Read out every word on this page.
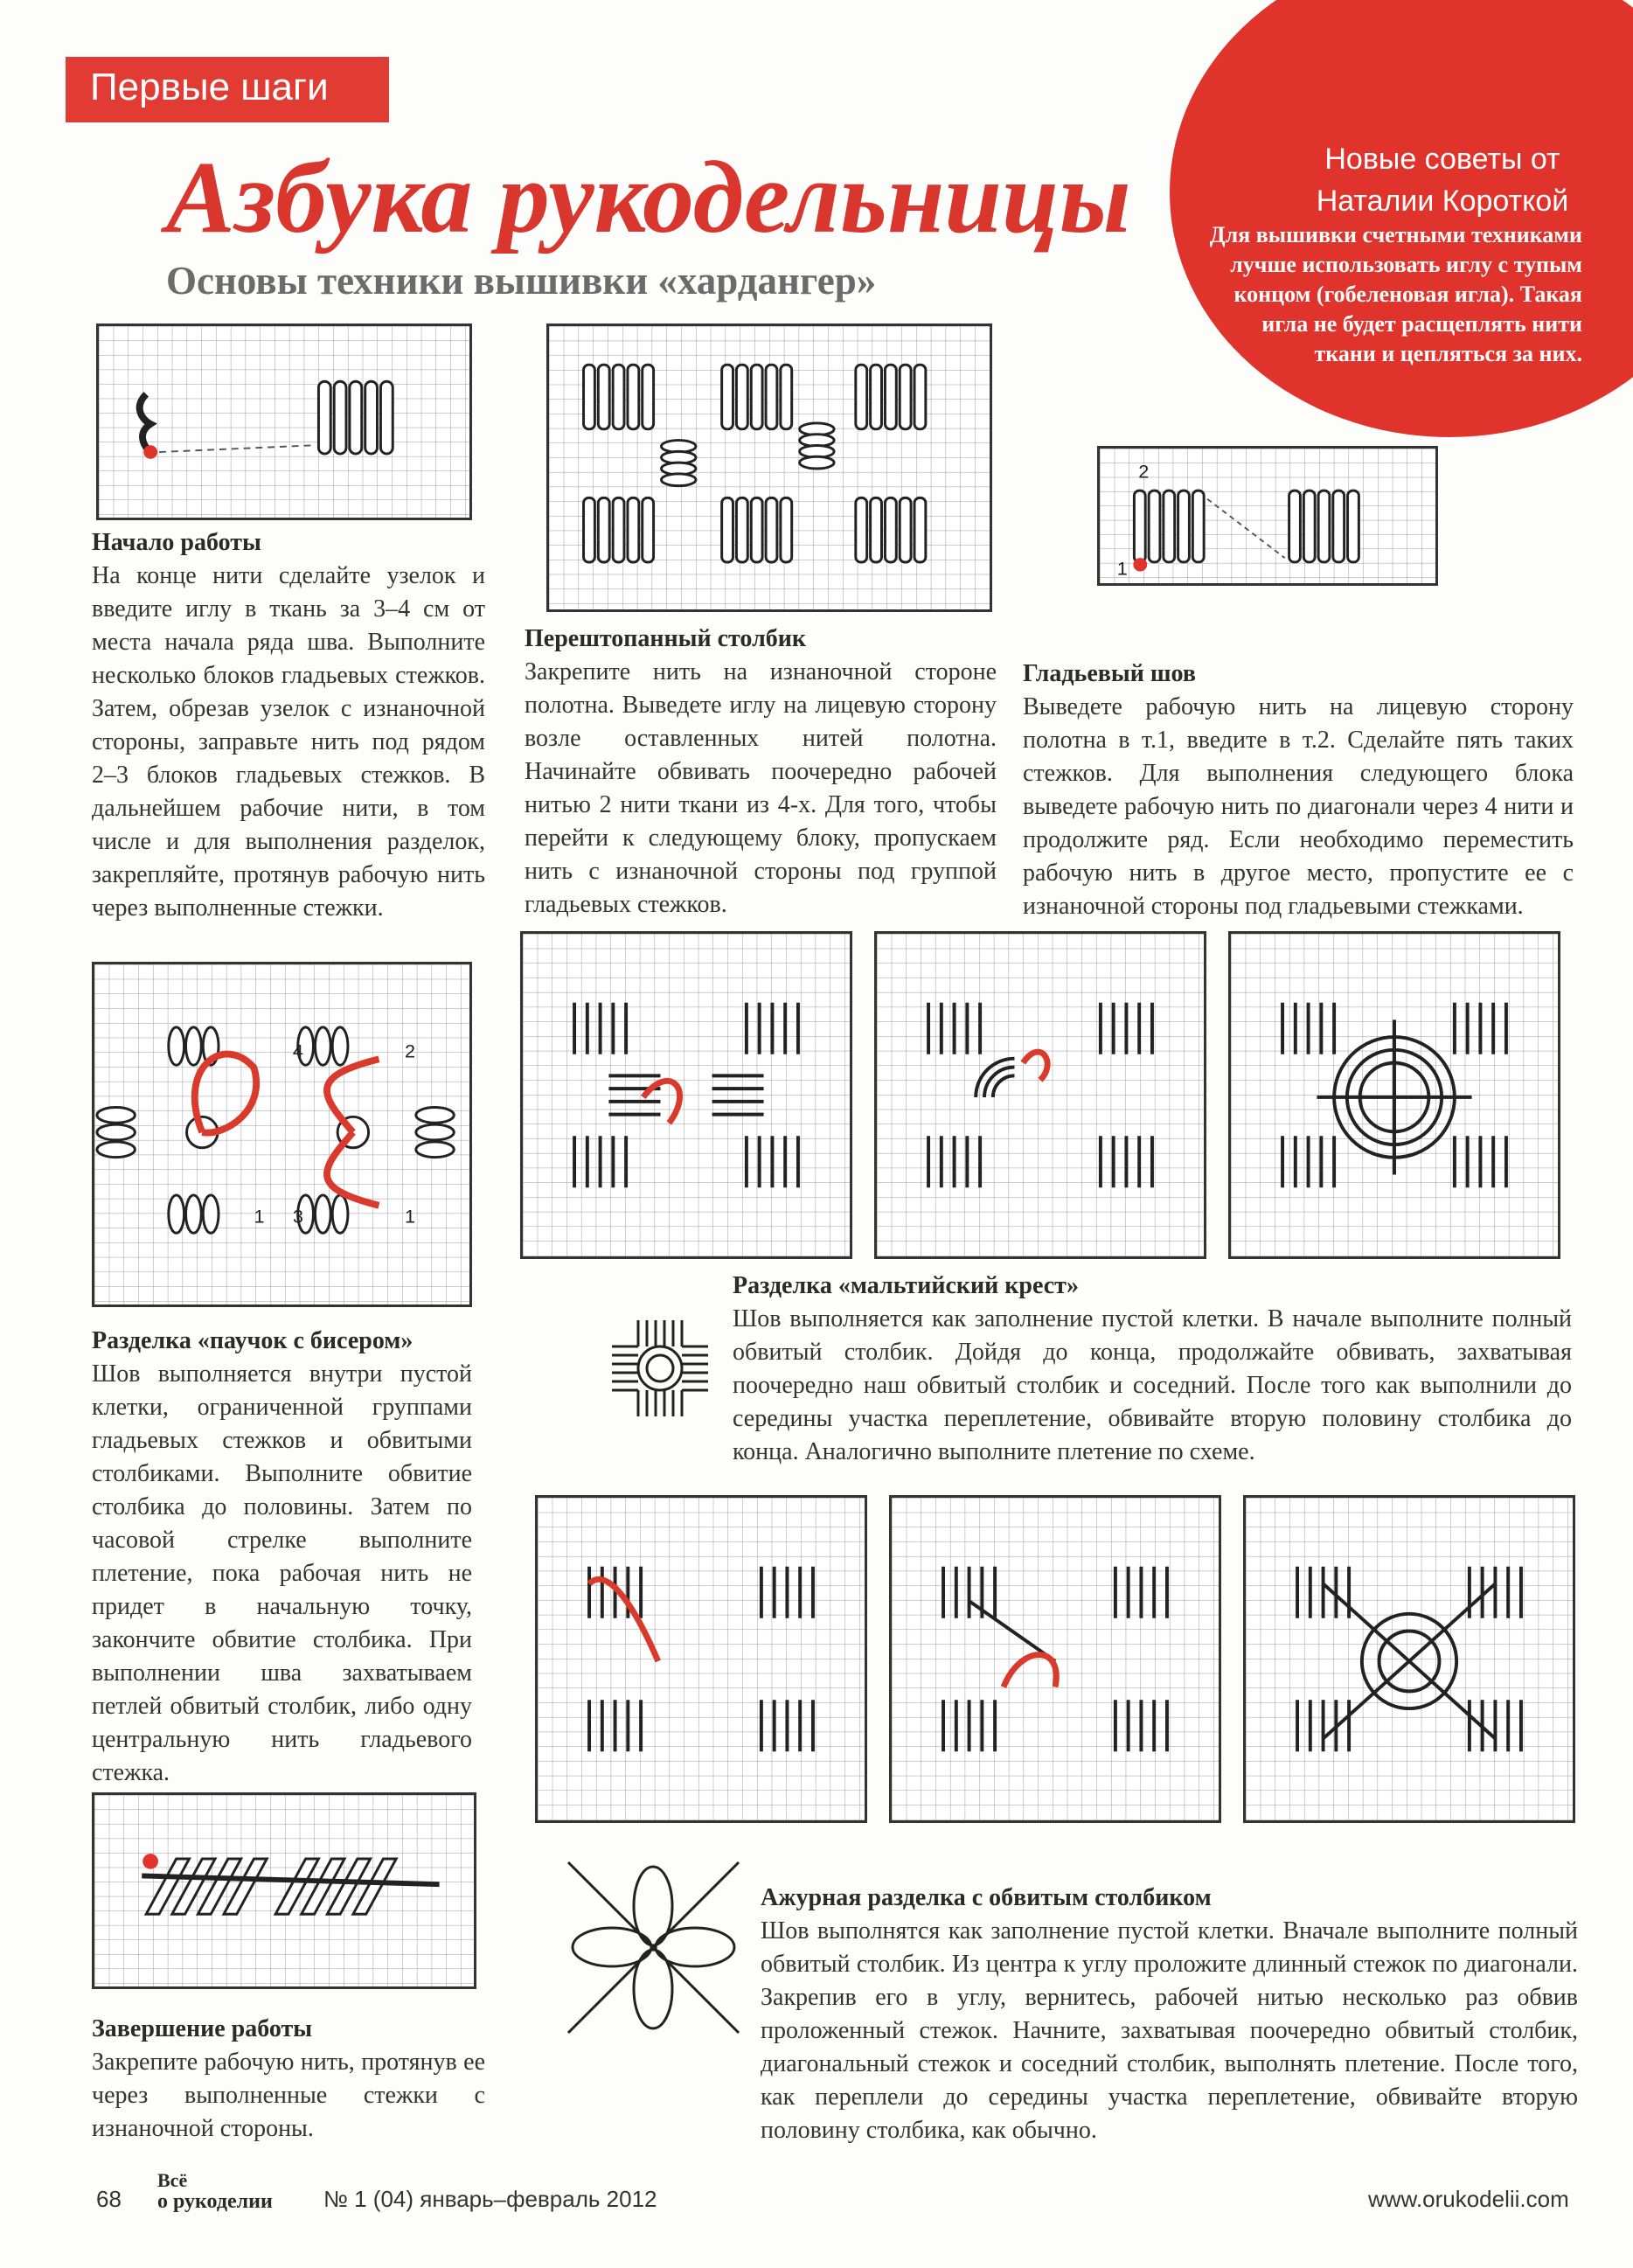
Первые шаги
Азбука рукодельницы
Основы техники вышивки «хардангер»
Новые советы от
Наталии Короткой
Для вышивки счетными техниками лучше использовать иглу с тупым концом (гобеленовая игла). Такая игла не будет расщеплять нити ткани и цепляться за них.
Начало работы
На конце нити сделайте узелок и введите иглу в ткань за 3–4 см от места начала ряда шва. Выполните несколько блоков гладьевых стежков. Затем, обрезав узелок с изнаночной стороны, заправьте нить под рядом 2–3 блоков гладьевых стежков. В дальнейшем рабочие нити, в том числе и для выполнения разделок, закрепляйте, протянув рабочую нить через выполненные стежки.
Перештопанный столбик
Закрепите нить на изнаночной стороне полотна. Выведете иглу на лицевую сторону возле оставленных нитей полотна. Начинайте обвивать поочередно рабочей нитью 2 нити ткани из 4-х. Для того, чтобы перейти к следующему блоку, пропускаем нить с изнаночной стороны под группой гладьевых стежков.
2
1
Гладьевый шов
Выведете рабочую нить на лицевую сторону полотна в т.1, введите в т.2. Сделайте пять таких стежков. Для выполнения следующего блока выведете рабочую нить по диагонали через 4 нити и продолжите ряд. Если необходимо переместить рабочую нить в другое место, пропустите ее с изнаночной стороны под гладьевыми стежками.
4	2
1 3	1
Разделка «паучок с бисером»
Шов выполняется внутри пустой клетки, ограниченной группами гладьевых стежков и обвитыми столбиками. Выполните обвитие столбика до половины. Затем по часовой стрелке выполните плетение, пока рабочая нить не придет в начальную точку, закончите обвитие столбика. При выполнении шва захватываем петлей обвитый столбик, либо одну центральную нить гладьевого стежка.
Разделка «мальтийский крест»
Шов выполняется как заполнение пустой клетки. В начале выполните полный обвитый столбик. Дойдя до конца, продолжайте обвивать, захватывая поочередно наш обвитый столбик и соседний. После того как выполнили до середины участка переплетение, обвивайте вторую половину столбика до конца. Аналогично выполните плетение по схеме.
Ажурная разделка с обвитым столбиком
Шов выполнятся как заполнение пустой клетки. Вначале выполните полный обвитый столбик. Из центра к углу проложите длинный стежок по диагонали. Закрепив его в углу, вернитесь, рабочей нитью несколько раз обвив проложенный стежок. Начните, захватывая поочередно обвитый столбик, диагональный стежок и соседний столбик, выполнять плетение. После того, как переплели до середины участка переплетение, обвивайте вторую половину столбика, как обычно.
Завершение работы
Закрепите рабочую нить, протянув ее через выполненные стежки с изнаночной стороны.
68
Всё
о рукоделии № 1 (04) январь–февраль 2012	www.orukodelii.com
